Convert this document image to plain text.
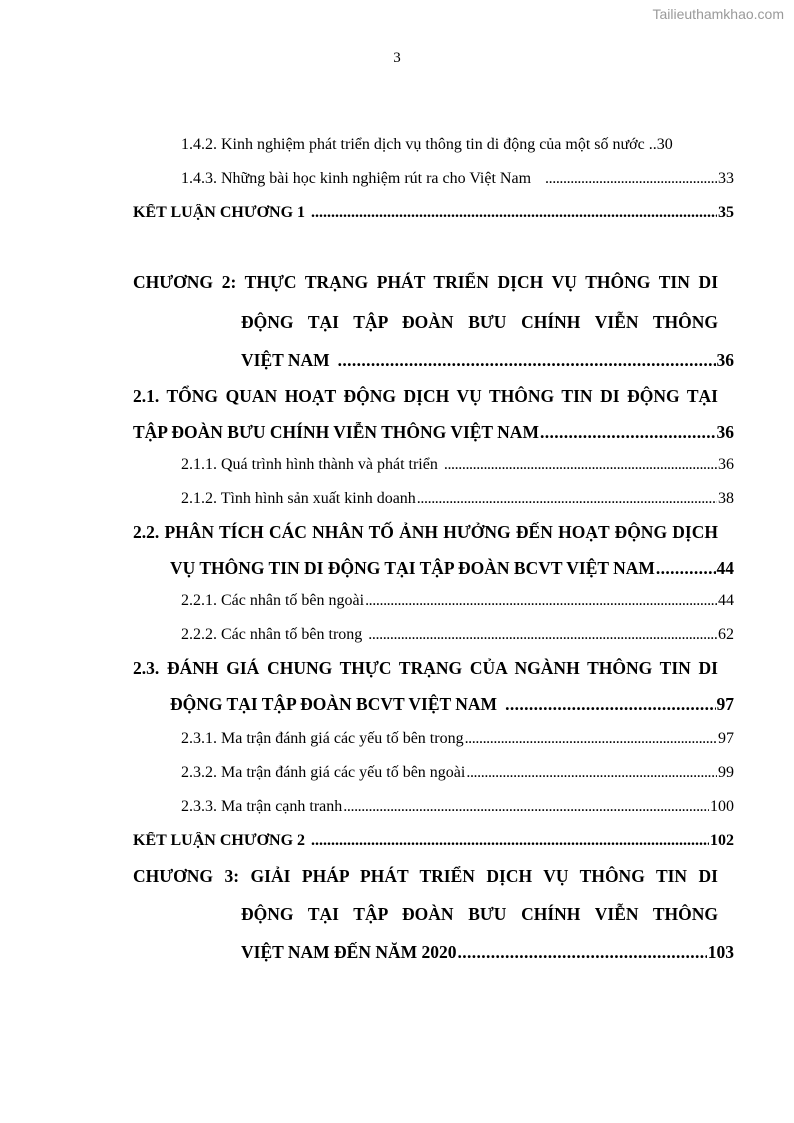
Tailieuthamkhao.com
3
1.4.2. Kinh nghiệm phát triển dịch vụ thông tin di động của một số nước .. 30
1.4.3. Những bài học kinh nghiệm rút ra cho Việt Nam . . .	33
KẾT LUẬN CHƯƠNG 1 . . .	35
CHƯƠNG 2: THỰC TRẠNG PHÁT TRIỂN DỊCH VỤ THÔNG TIN DI
ĐỘNG TẠI TẬP ĐOÀN BƯU CHÍNH VIỄN THÔNG
VIỆT NAM . . .	36
2.1. TỔNG QUAN HOẠT ĐỘNG DỊCH VỤ THÔNG TIN DI ĐỘNG TẠI
TẬP ĐOÀN BƯU CHÍNH VIỄN THÔNG VIỆT NAM . . .	36
2.1.1. Quá trình hình thành và phát triển . . .	36
2.1.2. Tình hình sản xuất kinh doanh . . .	38
2.2. PHÂN TÍCH CÁC NHÂN TỐ ẢNH HƯỞNG ĐẾN HOẠT ĐỘNG DỊCH
VỤ THÔNG TIN DI ĐỘNG TẠI TẬP ĐOÀN BCVT VIỆT NAM . . .	44
2.2.1. Các nhân tố bên ngoài . . .	44
2.2.2. Các nhân tố bên trong . . .	62
2.3. ĐÁNH GIÁ CHUNG THỰC TRẠNG CỦA NGÀNH THÔNG TIN DI
ĐỘNG TẠI TẬP ĐOÀN BCVT VIỆT NAM . . .	97
2.3.1. Ma trận đánh giá các yếu tố bên trong . . .	97
2.3.2. Ma trận đánh giá các yếu tố bên ngoài . . .	99
2.3.3. Ma trận cạnh tranh . . .	100
KẾT LUẬN CHƯƠNG 2 . . .	102
CHƯƠNG 3: GIẢI PHÁP PHÁT TRIỂN DỊCH VỤ THÔNG TIN DI
ĐỘNG TẠI TẬP ĐOÀN BƯU CHÍNH VIỄN THÔNG
VIỆT NAM ĐẾN NĂM 2020 . . .	103
